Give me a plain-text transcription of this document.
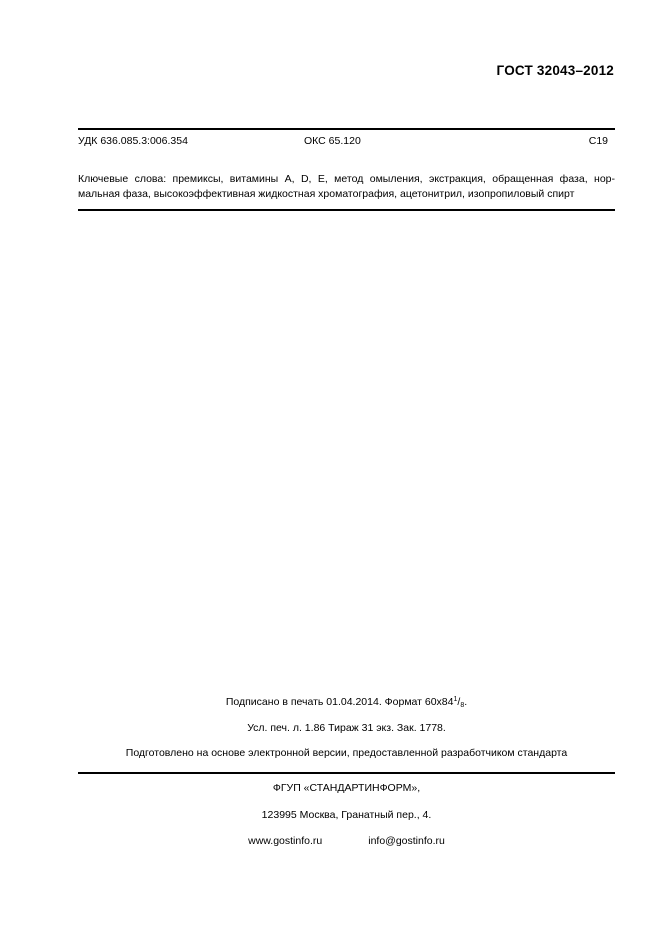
ГОСТ 32043–2012
УДК 636.085.3:006.354	ОКС 65.120	С19
Ключевые слова: премиксы, витамины А, D, Е, метод омыления, экстракция, обращенная фаза, нор-
мальная фаза, высокоэффективная жидкостная хроматография, ацетонитрил, изопропиловый спирт
Подписано в печать 01.04.2014. Формат $60х84^1/_8$.
Усл. печ. л. 1.86 Тираж 31 экз. Зак. 1778.
Подготовлено на основе электронной версии, предоставленной разработчиком стандарта
ФГУП «СТАНДАРТИНФОРМ»,
123995 Москва, Гранатный пер., 4.
www.gostinfo.ru	info@gostinfo.ru
